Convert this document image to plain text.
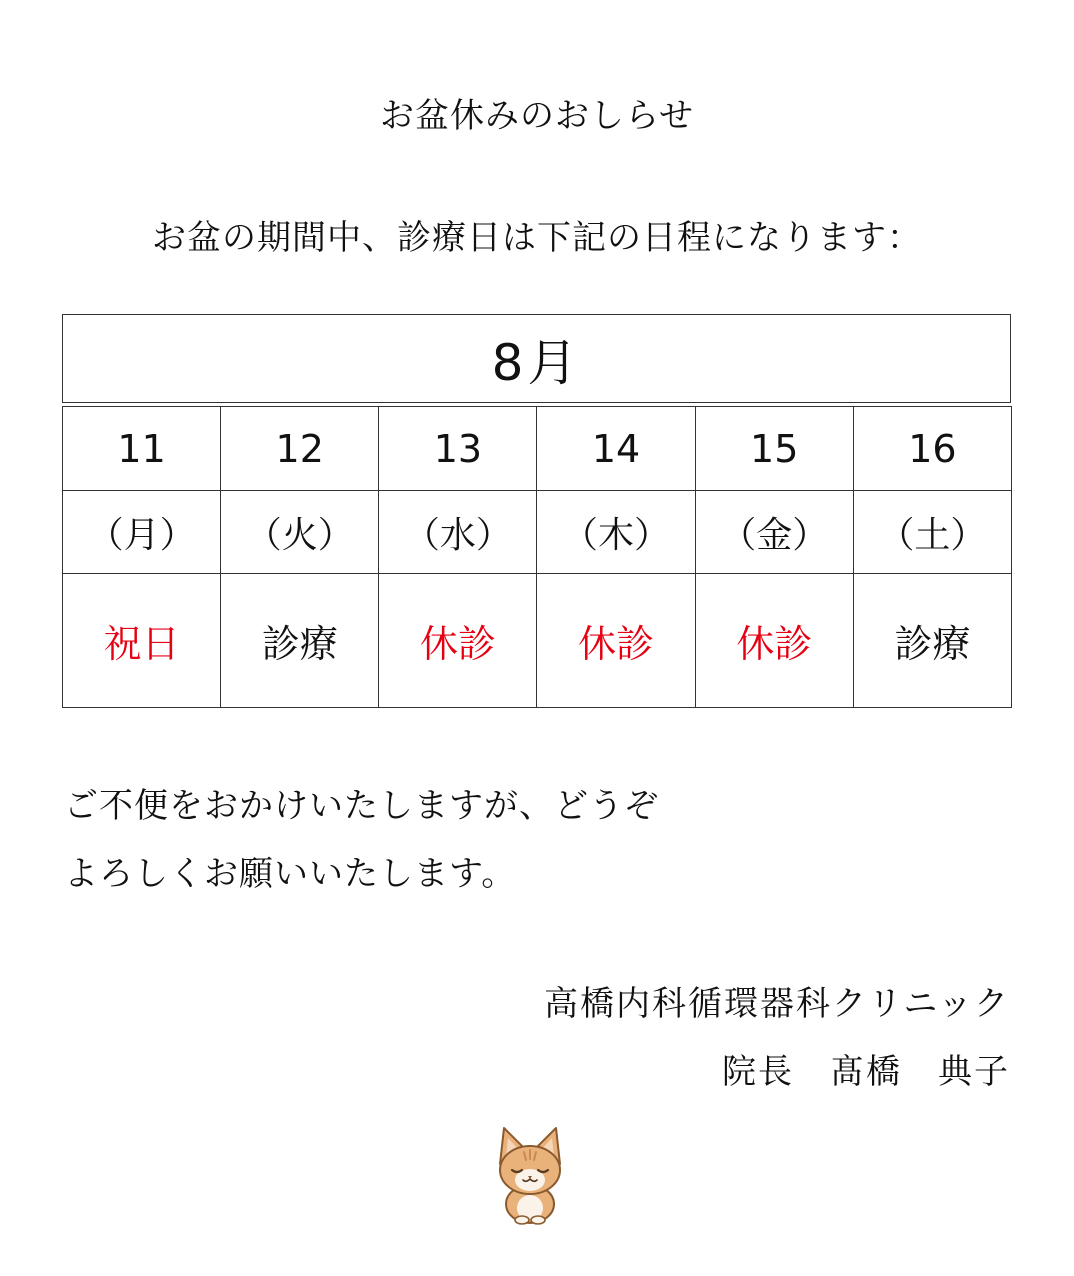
お盆休みのおしらせ
お盆の期間中、診療日は下記の日程になります：
8月
11	12	13	14	15	16
（月）	（火）	（水）	（木）	（金）	（土）
祝日	診療	休診	休診	休診	診療
ご不便をおかけいたしますが、どうぞ
よろしくお願いいたします。
高橋内科循環器科クリニック
院長　髙橋　典子
